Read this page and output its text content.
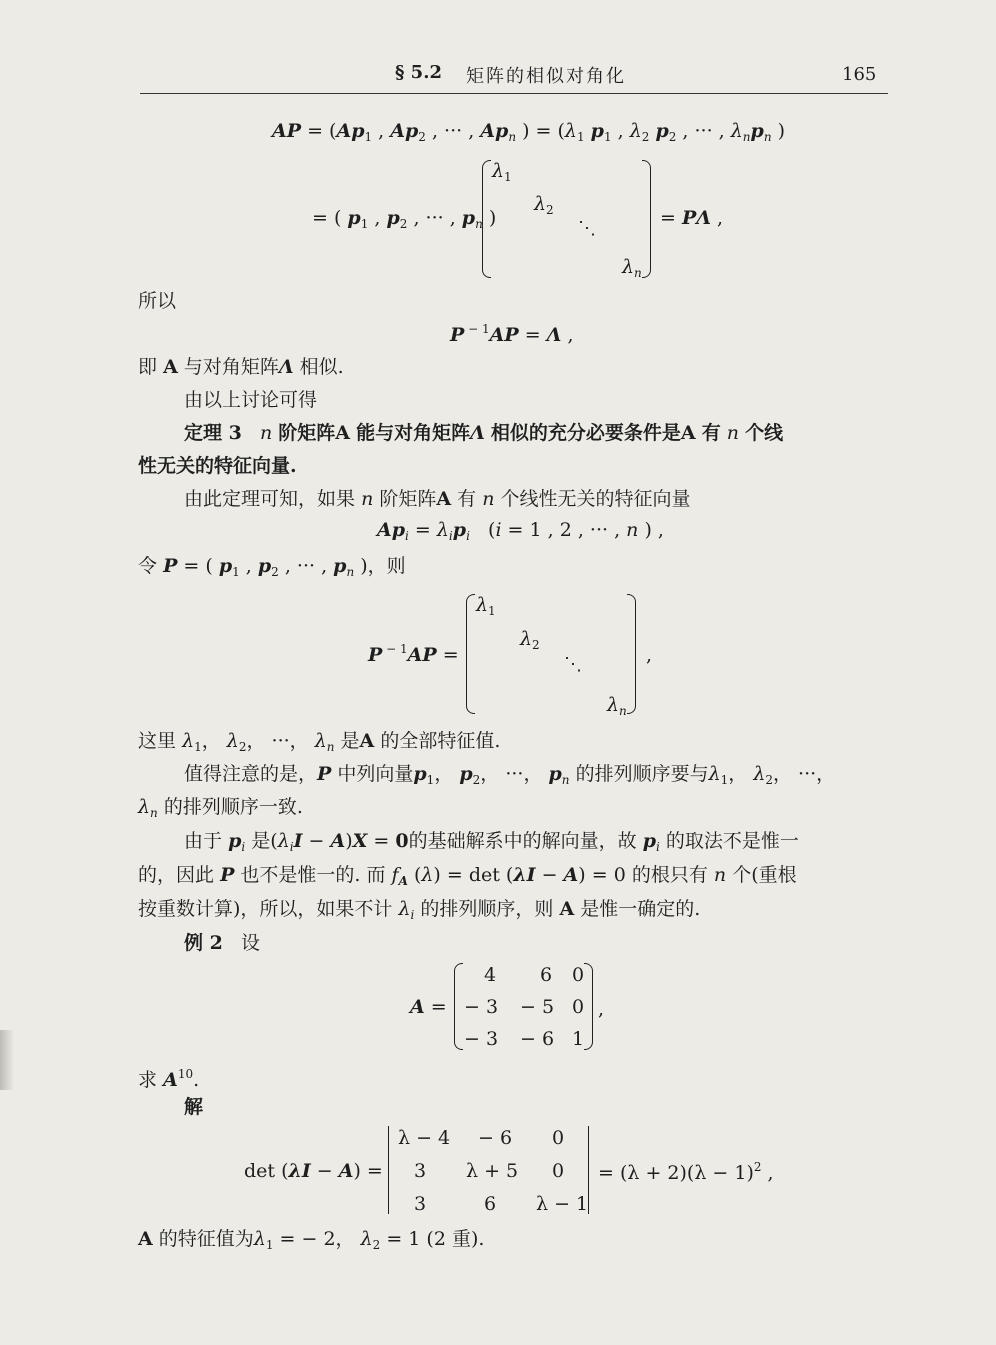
§ 5.2 矩阵的相似对角化	165
AP = ($Ap_1$ , $Ap_2$ , ··· , $Ap_n$ ) = ($\lambda_1$ $p_1$ , $\lambda_2$ $p_2$ , ··· , $\lambda_np_n$ )
= ( $p_1$ , $p_2$ , ··· , $p_n$ )
$\lambda_1$
$\lambda_2$
⋱
$\lambda_n$
= PΛ ,
所以
P $^{- 1}$AP = Λ ,
即 A 与对角矩阵Λ 相似.
由以上讨论可得
定理 3 n 阶矩阵A 能与对角矩阵Λ 相似的充分必要条件是A 有 n 个线
性无关的特征向量.
由此定理可知，如果 n 阶矩阵A 有 n 个线性无关的特征向量
$Ap_i = \lambda_ip_i$   (i = 1 , 2 , ··· , n ) ,
令 P = ( $p_1$ , $p_2$ , ··· , $p_n$ )，则
P $^{- 1}$AP =
$\lambda_1$
$\lambda_2$
⋱
$\lambda_n$
,
这里 $\lambda_1$， $\lambda_2$， ···， $\lambda_n$ 是A 的全部特征值.
值得注意的是，P 中列向量$p_1$， $p_2$， ···， $p_n$ 的排列顺序要与$\lambda_1$， $\lambda_2$， ···，
$\lambda_n$ 的排列顺序一致.
由于 $p_i$ 是$(\lambda_iI - A)X = 0$的基础解系中的解向量，故 $p_i$ 的取法不是惟一
的，因此 P 也不是惟一的. 而 $f_A$ (λ) = det (λI − A) = 0 的根只有 n 个(重根
按重数计算)，所以，如果不计 $\lambda_i$ 的排列顺序，则 A 是惟一确定的.
例 2 设
A =
4 6 0
− 3 − 5 0
− 3 − 6 1
,
求 $A^{10}$.
解
det (λI − A) =
λ − 4 − 6 0
3 λ + 5 0
3	6 λ − 1
= $(\lambda + 2)(\lambda - 1)^2$ ,
A 的特征值为$\lambda_1$ = − 2， $\lambda_2 = 1$ (2 重).
